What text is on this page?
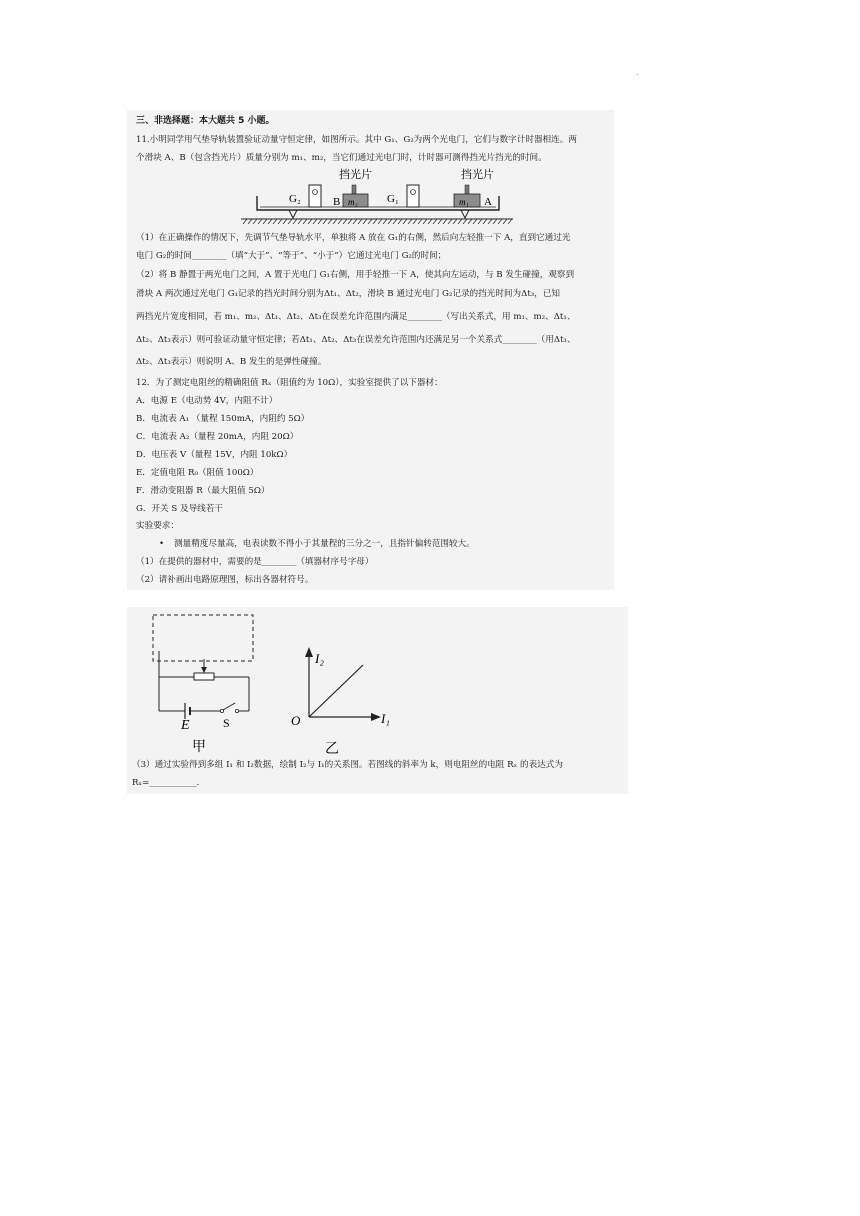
.
三、非选择题：本大题共 5 小题。
11.小明同学用气垫导轨装置验证动量守恒定律，如图所示。其中 G₁、G₂为两个光电门，它们与数字计时器相连。两
个滑块 A、B（包含挡光片）质量分别为 m₁、m₂，当它们通过光电门时，计时器可测得挡光片挡光的时间。
挡光片	挡光片
G₂	B m₂	G₁	m₁ A
（1）在正确操作的情况下，先调节气垫导轨水平，单独将 A 放在 G₁的右侧，然后向左轻推一下 A，直到它通过光
电门 G₂的时间________（填“大于”、“等于”、“小于”）它通过光电门 G₂的时间；
（2）将 B 静置于两光电门之间，A 置于光电门 G₁右侧，用手轻推一下 A，使其向左运动，与 B 发生碰撞，观察到
滑块 A 两次通过光电门 G₁记录的挡光时间分别为Δt₁、Δt₂，滑块 B 通过光电门 G₂记录的挡光时间为Δt₃，已知
两挡光片宽度相同，若 m₁、m₂、Δt₁、Δt₂、Δt₃在误差允许范围内满足________（写出关系式，用 m₁、m₂、Δt₁、
Δt₂、Δt₃表示）则可验证动量守恒定律；若Δt₁、Δt₂、Δt₃在误差允许范围内还满足另一个关系式________（用Δt₁、
Δt₂、Δt₃表示）则说明 A、B 发生的是弹性碰撞。
12．为了测定电阻丝的精确阻值 Rₓ（阻值约为 10Ω），实验室提供了以下器材：
A．电源 E（电动势 4V，内阻不计）
B．电流表 A₁ （量程 150mA，内阻约 5Ω）
C．电流表 A₂（量程 20mA，内阻 20Ω）
D．电压表 V（量程 15V，内阻 10kΩ）
E．定值电阻 R₀（阻值 100Ω）
F．滑动变阻器 R（最大阻值 5Ω）
G．开关 S 及导线若干
实验要求：
• 测量精度尽量高，电表读数不得小于其量程的三分之一，且指针偏转范围较大。
（1）在提供的器材中，需要的是________（填器材序号字母）
（2）请补画出电路原理图，标出各器材符号。
E	S
甲
I₂
I₁
O
乙
（3）通过实验得到多组 I₁ 和 I₂数据，绘制 I₂与 I₁的关系图。若图线的斜率为 k，则电阻丝的电阻 Rₓ 的表达式为
Rₓ=___________.
